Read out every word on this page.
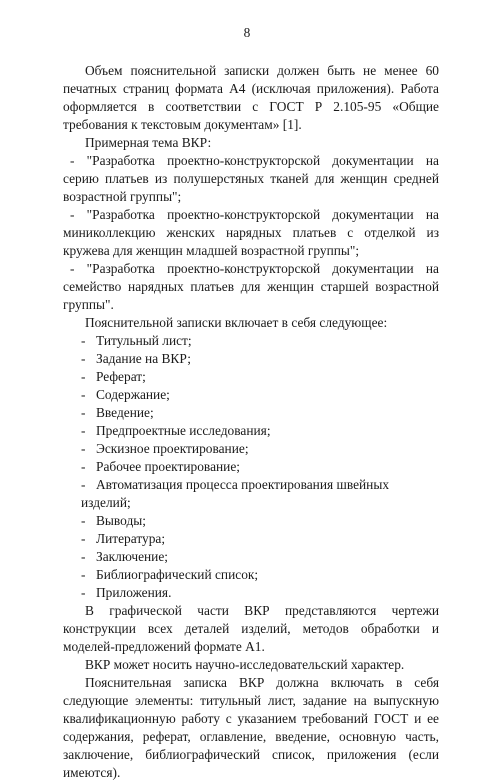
8

Объем пояснительной записки должен быть не менее 60 печатных страниц формата А4 (исключая приложения). Работа оформляется в соответствии с ГОСТ Р 2.105-95 «Общие требования к текстовым документам» [1].

Примерная тема ВКР:

- "Разработка проектно-конструкторской документации на серию платьев из полушерстяных тканей для женщин средней возрастной группы";
- "Разработка проектно-конструкторской документации на миниколлекцию женских нарядных платьев с отделкой из кружева для женщин младшей возрастной группы";
- "Разработка проектно-конструкторской документации на семейство нарядных платьев для женщин старшей возрастной группы".

Пояснительной записки включает в себя следующее:

- Титульный лист;
- Задание на ВКР;
- Реферат;
- Содержание;
- Введение;
- Предпроектные исследования;
- Эскизное проектирование;
- Рабочее проектирование;
- Автоматизация процесса проектирования швейных изделий;
- Выводы;
- Литература;
- Заключение;
- Библиографический список;
- Приложения.

В графической части ВКР представляются чертежи конструкции всех деталей изделий, методов обработки и моделей-предложений формате А1.

ВКР может носить научно-исследовательский характер.

Пояснительная записка ВКР должна включать в себя следующие элементы: титульный лист, задание на выпускную квалификационную работу с указанием требований ГОСТ и ее содержания, реферат, оглавление, введение, основную часть, заключение, библиографический список, приложения (если имеются).
